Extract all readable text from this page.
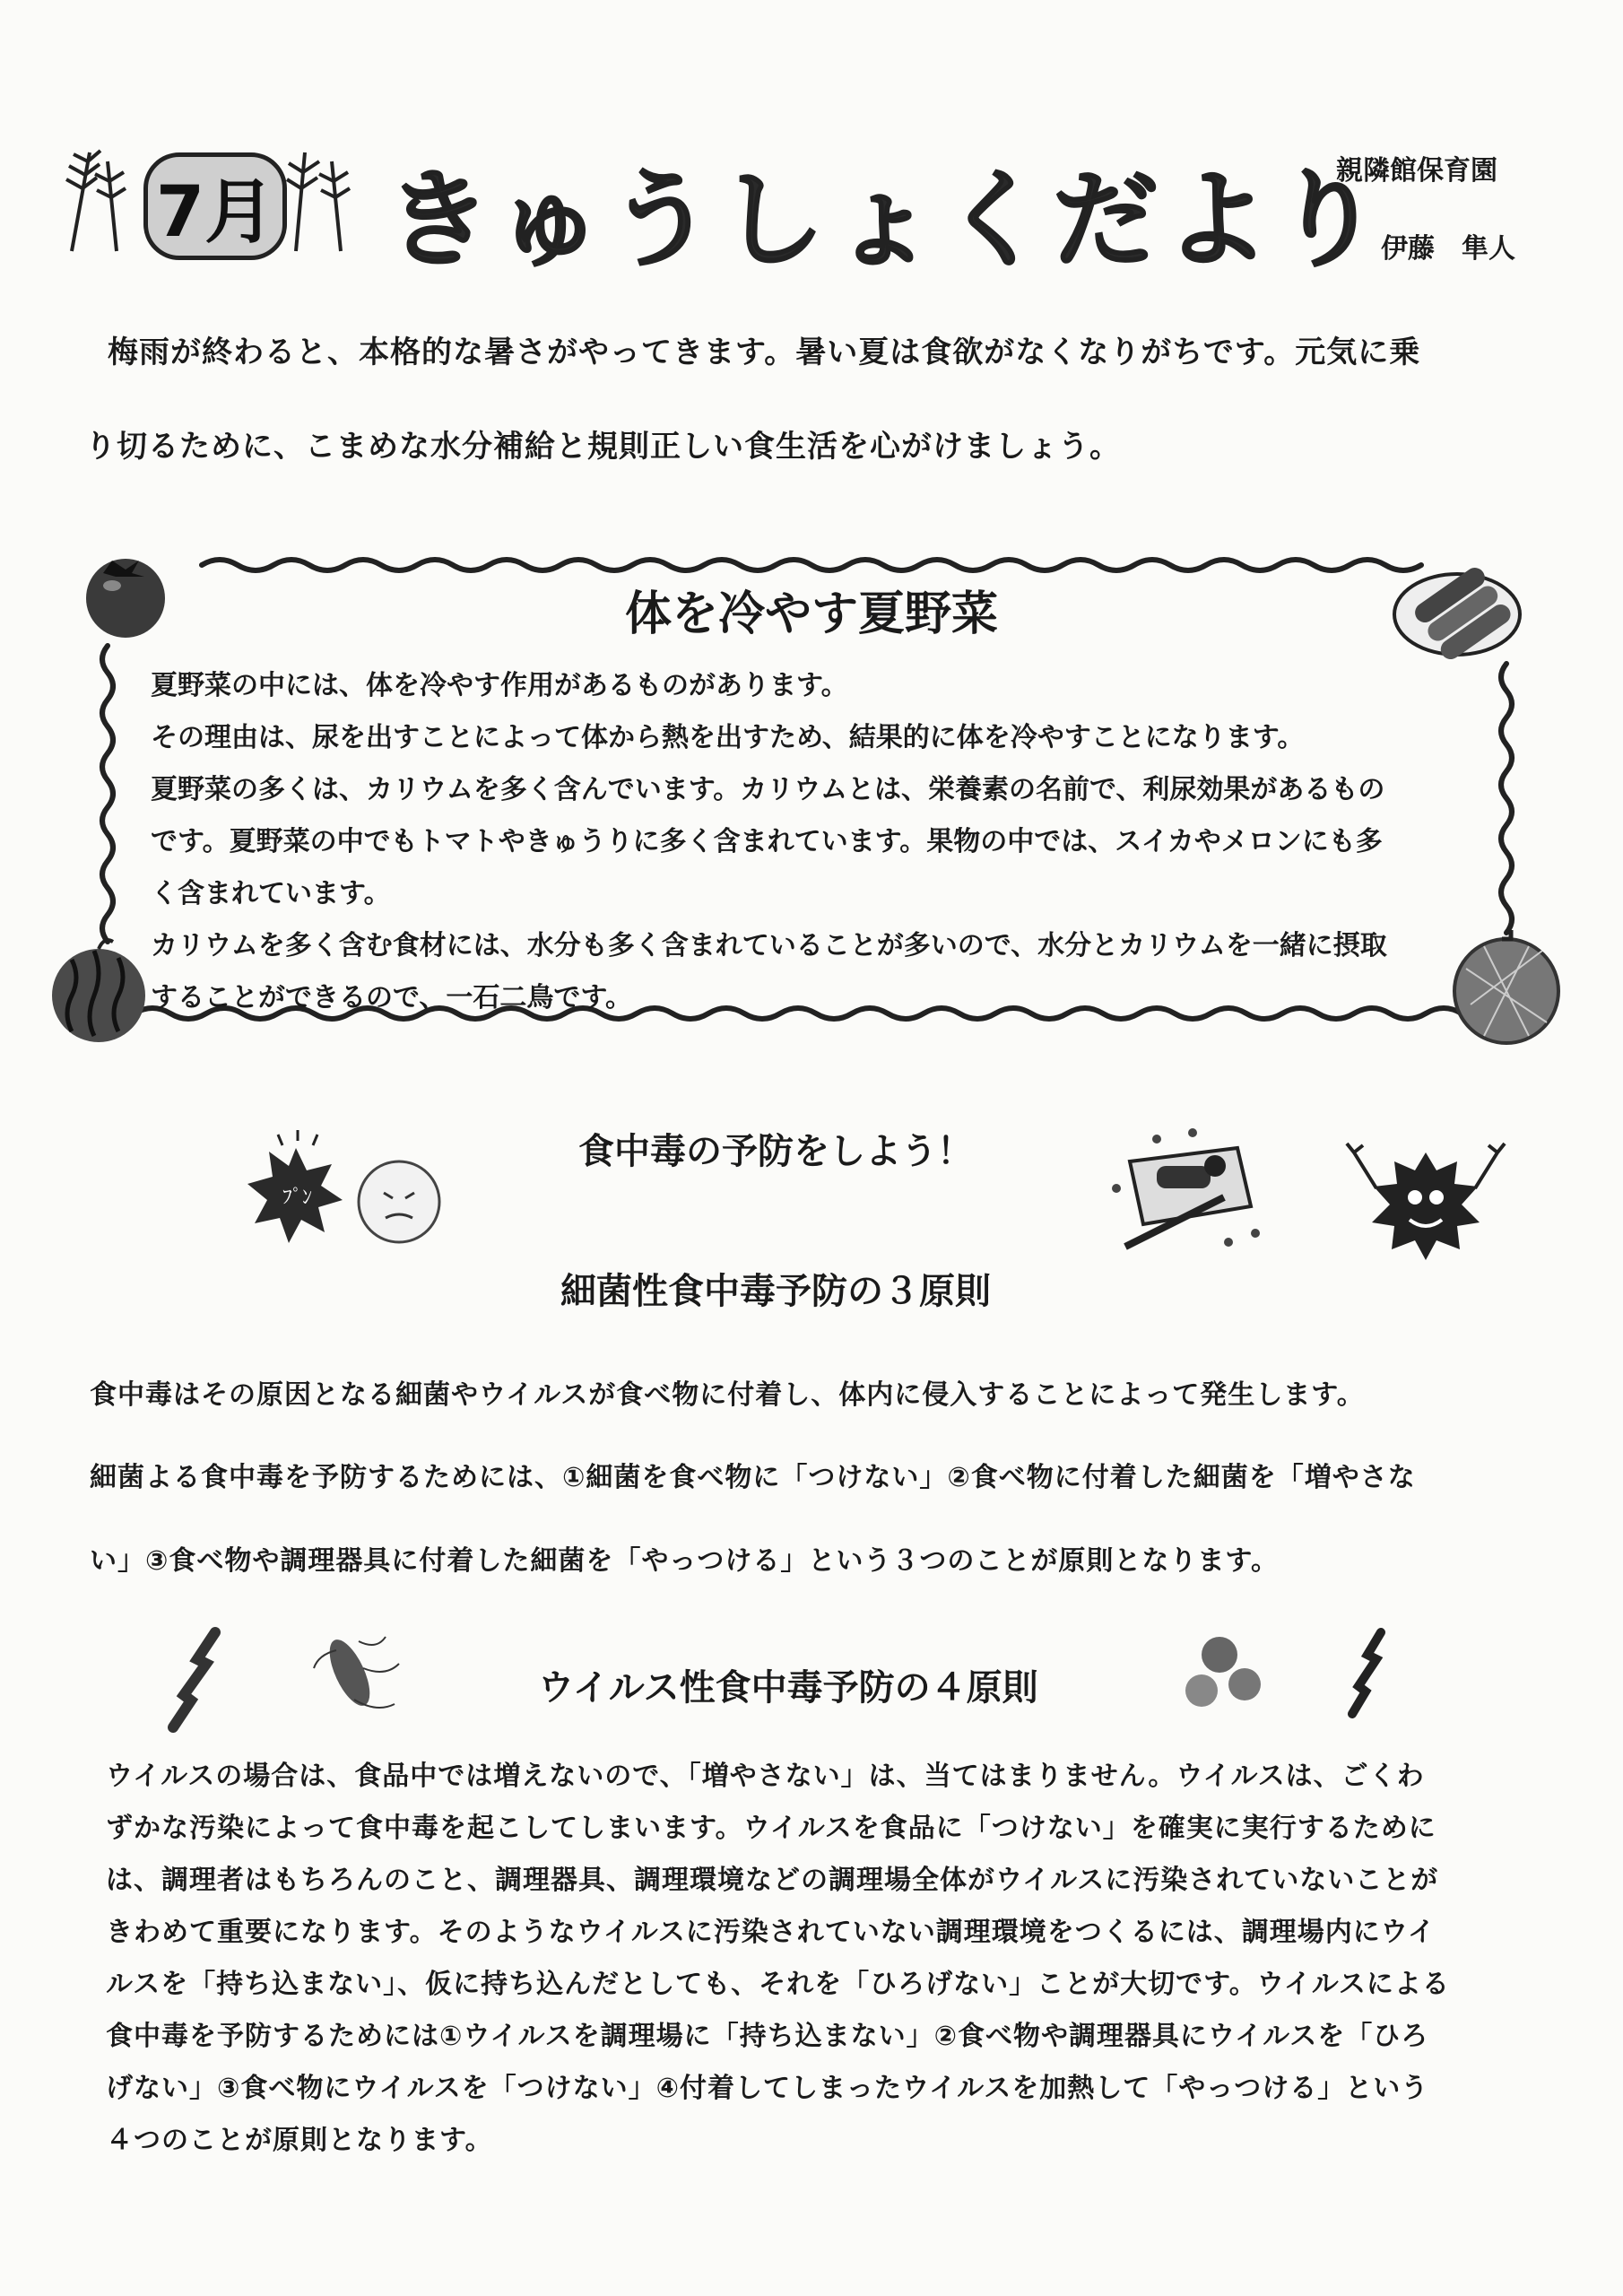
7月 きゅうしょくだより
親隣館保育園
伊藤　隼人
梅雨が終わると、本格的な暑さがやってきます。暑い夏は食欲がなくなりがちです。元気に乗
り切るために、こまめな水分補給と規則正しい食生活を心がけましょう。
体を冷やす夏野菜
夏野菜の中には、体を冷やす作用があるものがあります。
その理由は、尿を出すことによって体から熱を出すため、結果的に体を冷やすことになります。
夏野菜の多くは、カリウムを多く含んでいます。カリウムとは、栄養素の名前で、利尿効果があるもの
です。夏野菜の中でもトマトやきゅうりに多く含まれています。果物の中では、スイカやメロンにも多
く含まれています。
カリウムを多く含む食材には、水分も多く含まれていることが多いので、水分とカリウムを一緒に摂取
することができるので、一石二鳥です。
ﾌﾟﾝ
食中毒の予防をしよう！
細菌性食中毒予防の３原則
食中毒はその原因となる細菌やウイルスが食べ物に付着し、体内に侵入することによって発生します。
細菌よる食中毒を予防するためには、①細菌を食べ物に「つけない」②食べ物に付着した細菌を「増やさな
い」③食べ物や調理器具に付着した細菌を「やっつける」という３つのことが原則となります。
ウイルス性食中毒予防の４原則
ウイルスの場合は、食品中では増えないので、「増やさない」は、当てはまりません。ウイルスは、ごくわ
ずかな汚染によって食中毒を起こしてしまいます。ウイルスを食品に「つけない」を確実に実行するために
は、調理者はもちろんのこと、調理器具、調理環境などの調理場全体がウイルスに汚染されていないことが
きわめて重要になります。そのようなウイルスに汚染されていない調理環境をつくるには、調理場内にウイ
ルスを「持ち込まない」、仮に持ち込んだとしても、それを「ひろげない」ことが大切です。ウイルスによる
食中毒を予防するためには①ウイルスを調理場に「持ち込まない」②食べ物や調理器具にウイルスを「ひろ
げない」③食べ物にウイルスを「つけない」④付着してしまったウイルスを加熱して「やっつける」という
４つのことが原則となります。
